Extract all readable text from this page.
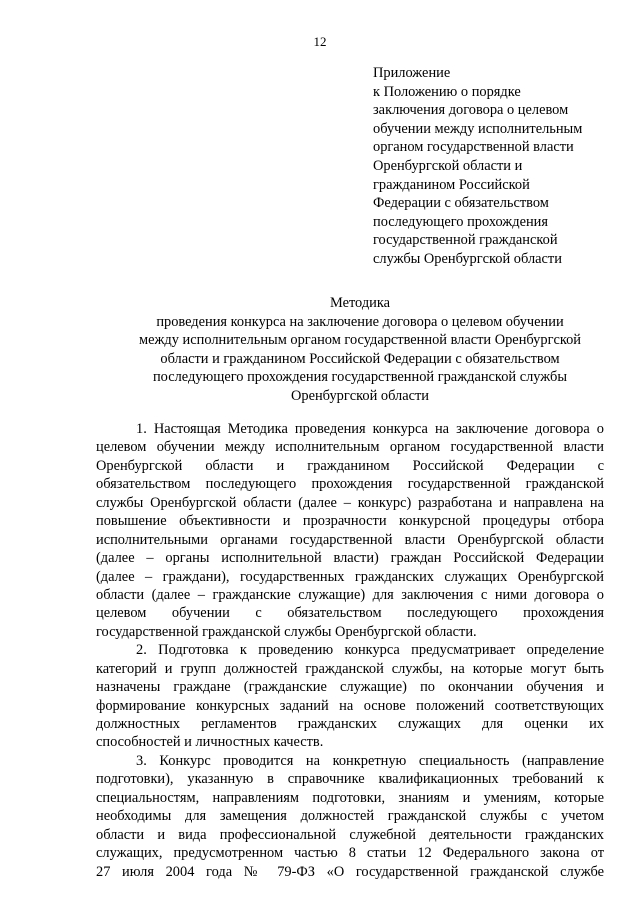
12
Приложение
к Положению о порядке
заключения договора о целевом
обучении между исполнительным
органом государственной власти
Оренбургской области и
гражданином Российской
Федерации с обязательством
последующего прохождения
государственной гражданской
службы Оренбургской области
Методика
проведения конкурса на заключение договора о целевом обучении
между исполнительным органом государственной власти Оренбургской
области и гражданином Российской Федерации с обязательством
последующего прохождения государственной гражданской службы
Оренбургской области
1. Настоящая Методика проведения конкурса на заключение договора о
целевом обучении между исполнительным органом государственной власти
Оренбургской области и гражданином Российской Федерации с
обязательством последующего прохождения государственной гражданской
службы Оренбургской области (далее – конкурс) разработана и направлена на
повышение объективности и прозрачности конкурсной процедуры отбора
исполнительными органами государственной власти Оренбургской области
(далее – органы исполнительной власти) граждан Российской Федерации
(далее – граждани), государственных гражданских служащих Оренбургской
области (далее – гражданские служащие) для заключения с ними договора о
целевом обучении с обязательством последующего прохождения
государственной гражданской службы Оренбургской области.
2. Подготовка к проведению конкурса предусматривает определение
категорий и групп должностей гражданской службы, на которые могут быть
назначены граждане (гражданские служащие) по окончании обучения и
формирование конкурсных заданий на основе положений соответствующих
должностных регламентов гражданских служащих для оценки их
способностей и личностных качеств.
3. Конкурс проводится на конкретную специальность (направление
подготовки), указанную в справочнике квалификационных требований к
специальностям, направлениям подготовки, знаниям и умениям, которые
необходимы для замещения должностей гражданской службы с учетом
области и вида профессиональной служебной деятельности гражданских
служащих, предусмотренном частью 8 статьи 12 Федерального закона от
27 июля 2004 года № 79-ФЗ «О государственной гражданской службе
